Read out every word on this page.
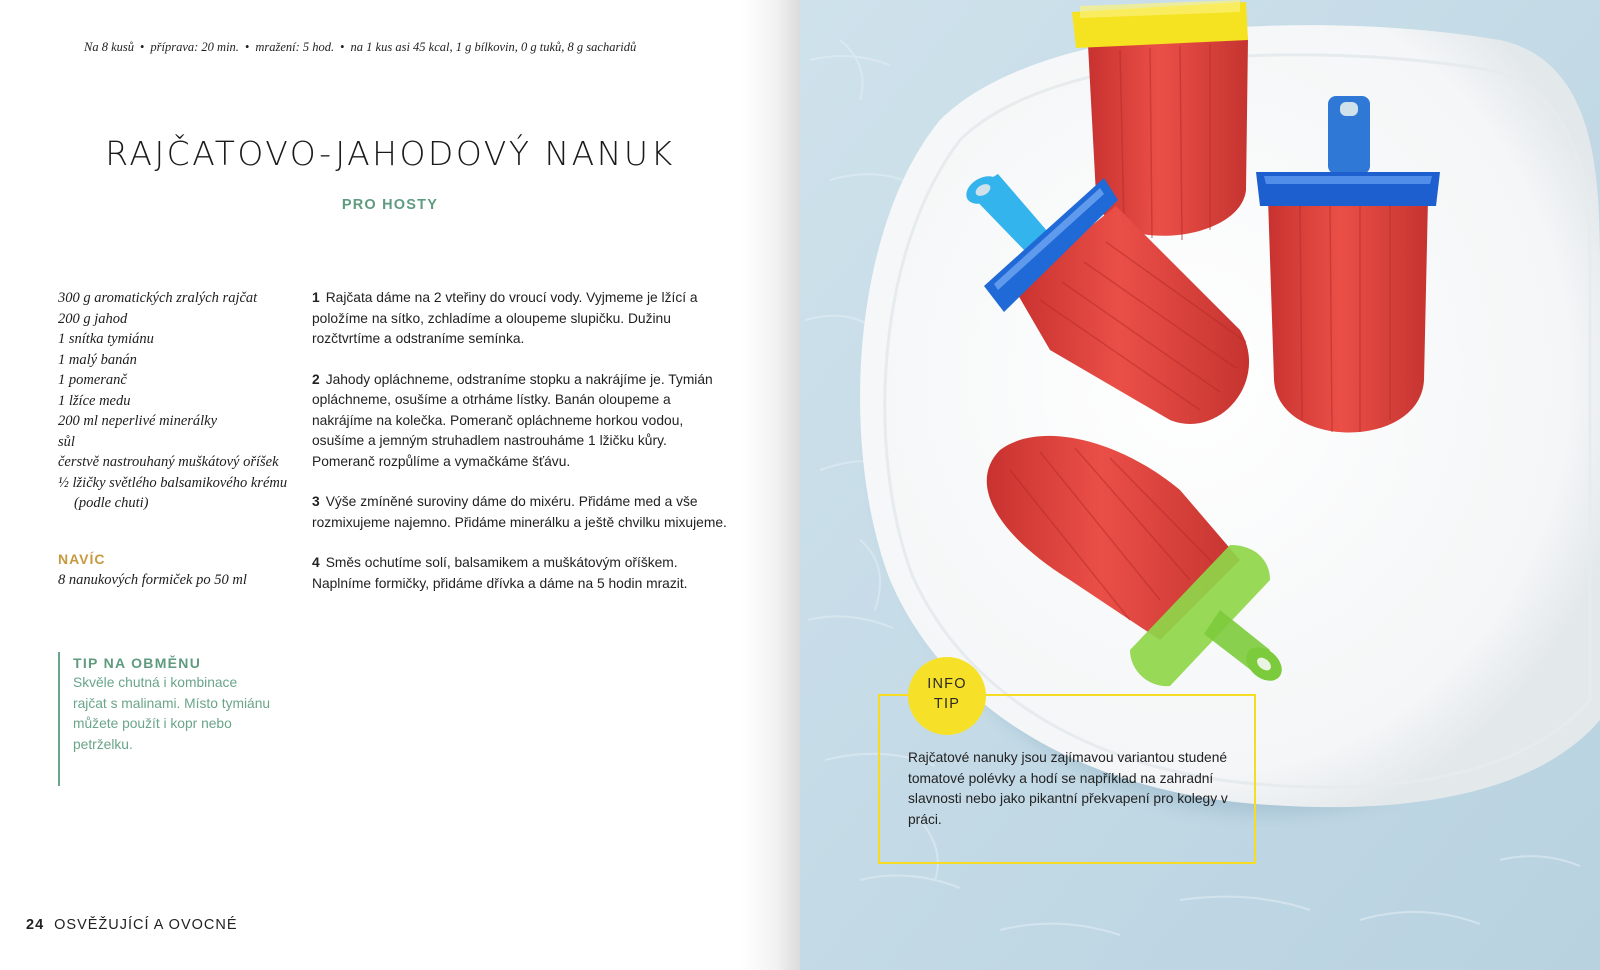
Na 8 kusů • příprava: 20 min. • mražení: 5 hod. • na 1 kus asi 45 kcal, 1 g bílkovin, 0 g tuků, 8 g sacharidů
RAJČATOVO-JAHODOVÝ NANUK
PRO HOSTY
300 g aromatických zralých rajčat
200 g jahod
1 snítka tymiánu
1 malý banán
1 pomeranč
1 lžíce medu
200 ml neperlivé minerálky
sůl
čerstvě nastrouhaný muškátový oříšek
½ lžičky světlého balsamikového krému (podle chuti)
NAVÍC
8 nanukových formiček po 50 ml

1 Rajčata dáme na 2 vteřiny do vroucí vody. Vyjmeme je lžící a položíme na sítko, zchladíme a oloupeme slupičku. Dužinu rozčtvrtíme a odstraníme semínka.

2 Jahody opláchneme, odstraníme stopku a nakrájíme je. Tymián opláchneme, osušíme a otrháme lístky. Banán oloupeme a nakrájíme na kolečka. Pomeranč opláchneme horkou vodou, osušíme a jemným struhadlem nastrouháme 1 lžičku kůry. Pomeranč rozpůlíme a vymačkáme šťávu.

3 Výše zmíněné suroviny dáme do mixéru. Přidáme med a vše rozmixujeme najemno. Přidáme minerálku a ještě chvilku mixujeme.

4 Směs ochutíme solí, balsamikem a muškátovým oříškem. Naplníme formičky, přidáme dřívka a dáme na 5 hodin mrazit.

TIP NA OBMĚNU
Skvěle chutná i kombinace rajčat s malinami. Místo tymiánu můžete použít i kopr nebo petrželku.
24 OSVĚŽUJÍCÍ A OVOCNÉ
INFO
TIP
Rajčatové nanuky jsou zajímavou variantou studené tomatové polévky a hodí se například na zahradní slavnosti nebo jako pikantní překvapení pro kolegy v práci.
